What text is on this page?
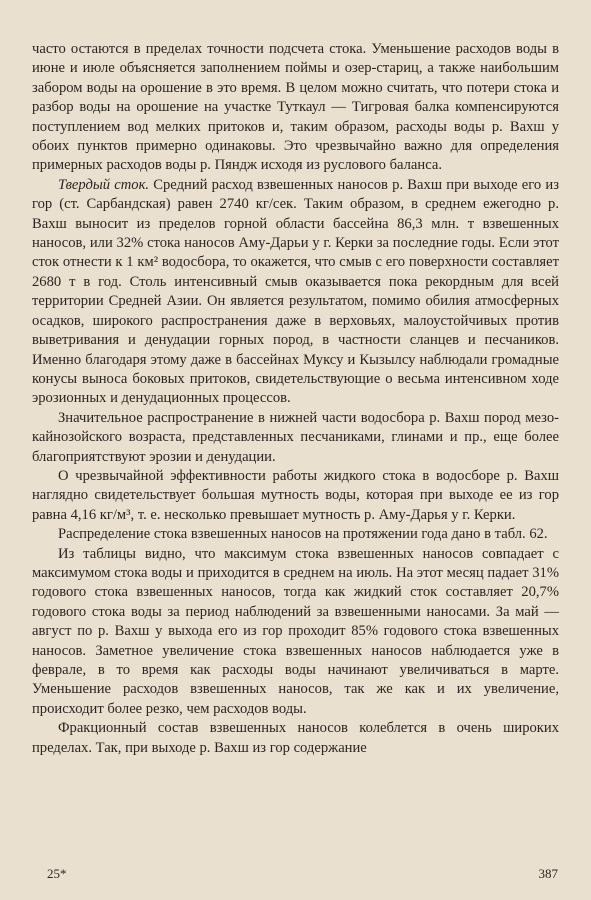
часто остаются в пределах точности подсчета стока. Уменьшение расходов воды в июне и июле объясняется заполнением поймы и озер-стариц, а также наибольшим забором воды на орошение в это время. В целом можно считать, что потери стока и разбор воды на орошение на участке Туткаул — Тигровая балка компенсируются поступлением вод мелких притоков и, таким образом, расходы воды р. Вахш у обоих пунктов примерно одинаковы. Это чрезвычайно важно для определения примерных расходов воды р. Пяндж исходя из руслового баланса.

Твердый сток. Средний расход взвешенных наносов р. Вахш при выходе его из гор (ст. Сарбандская) равен 2740 кг/сек. Таким образом, в среднем ежегодно р. Вахш выносит из пределов горной области бассейна 86,3 млн. т взвешенных наносов, или 32% стока наносов Аму-Дарьи у г. Керки за последние годы. Если этот сток отнести к 1 км² водосбора, то окажется, что смыв с его поверхности составляет 2680 т в год. Столь интенсивный смыв оказывается пока рекордным для всей территории Средней Азии. Он является результатом, помимо обилия атмосферных осадков, широкого распространения даже в верховьях, малоустойчивых против выветривания и денудации горных пород, в частности сланцев и песчаников. Именно благодаря этому даже в бассейнах Муксу и Кызылсу наблюдали громадные конусы выноса боковых притоков, свидетельствующие о весьма интенсивном ходе эрозионных и денудационных процессов.

Значительное распространение в нижней части водосбора р. Вахш пород мезо-кайнозойского возраста, представленных песчаниками, глинами и пр., еще более благоприятствуют эрозии и денудации.

О чрезвычайной эффективности работы жидкого стока в водосборе р. Вахш наглядно свидетельствует большая мутность воды, которая при выходе ее из гор равна 4,16 кг/м³, т. е. несколько превышает мутность р. Аму-Дарья у г. Керки.

Распределение стока взвешенных наносов на протяжении года дано в табл. 62.

Из таблицы видно, что максимум стока взвешенных наносов совпадает с максимумом стока воды и приходится в среднем на июль. На этот месяц падает 31% годового стока взвешенных наносов, тогда как жидкий сток составляет 20,7% годового стока воды за период наблюдений за взвешенными наносами. За май — август по р. Вахш у выхода его из гор проходит 85% годового стока взвешенных наносов. Заметное увеличение стока взвешенных наносов наблюдается уже в феврале, в то время как расходы воды начинают увеличиваться в марте. Уменьшение расходов взвешенных наносов, так же как и их увеличение, происходит более резко, чем расходов воды.

Фракционный состав взвешенных наносов колеблется в очень широких пределах. Так, при выходе р. Вахш из гор содержание

25*	387
